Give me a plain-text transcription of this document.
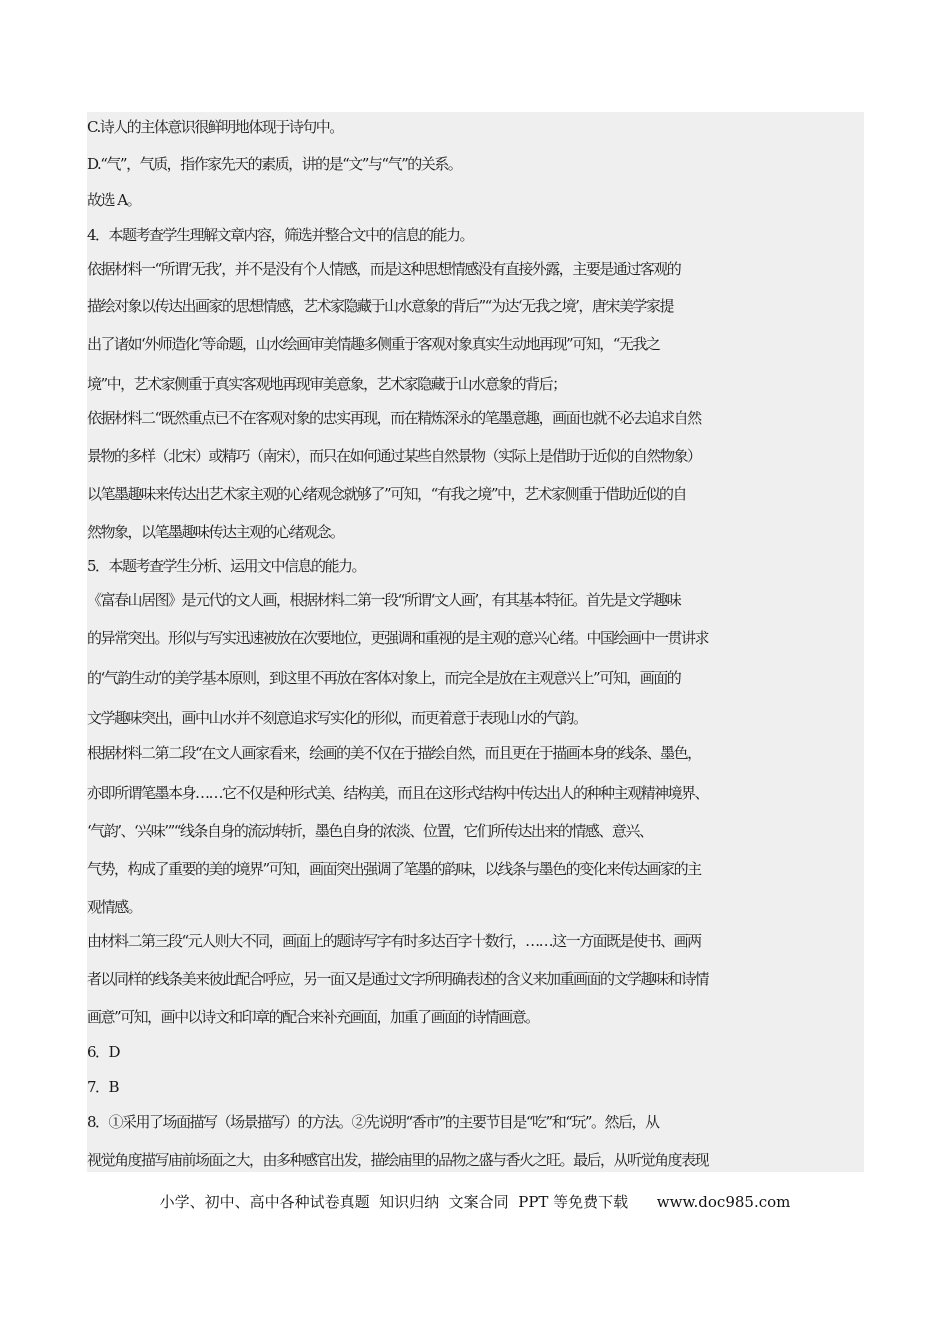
C.诗人的主体意识很鲜明地体现于诗句中。
D.“气”，气质，指作家先天的素质，讲的是“文”与“气”的关系。
故选 A。
4．本题考查学生理解文章内容，筛选并整合文中的信息的能力。
依据材料一“所谓‘无我’，并不是没有个人情感，而是这种思想情感没有直接外露，主要是通过客观的
描绘对象以传达出画家的思想情感，艺术家隐藏于山水意象的背后”“为达‘无我之境’，唐宋美学家提
出了诸如‘外师造化’等命题，山水绘画审美情趣多侧重于客观对象真实生动地再现”可知，“无我之
境”中，艺术家侧重于真实客观地再现审美意象，艺术家隐藏于山水意象的背后；
依据材料二“既然重点已不在客观对象的忠实再现，而在精炼深永的笔墨意趣，画面也就不必去追求自然
景物的多样（北宋）或精巧（南宋），而只在如何通过某些自然景物（实际上是借助于近似的自然物象）
以笔墨趣味来传达出艺术家主观的心绪观念就够了”可知，“有我之境”中，艺术家侧重于借助近似的自
然物象，以笔墨趣味传达主观的心绪观念。
5．本题考查学生分析、运用文中信息的能力。
《富春山居图》是元代的文人画，根据材料二第一段“所谓‘文人画’，有其基本特征。首先是文学趣味
的异常突出。形似与写实迅速被放在次要地位，更强调和重视的是主观的意兴心绪。中国绘画中一贯讲求
的‘气韵生动’的美学基本原则，到这里不再放在客体对象上，而完全是放在主观意兴上”可知，画面的
文学趣味突出，画中山水并不刻意追求写实化的形似，而更着意于表现山水的气韵。
根据材料二第二段“在文人画家看来，绘画的美不仅在于描绘自然，而且更在于描画本身的线条、墨色，
亦即所谓笔墨本身……它不仅是种形式美、结构美，而且在这形式结构中传达出人的种种主观精神境界、
‘气韵’、‘兴味’”“线条自身的流动转折，墨色自身的浓淡、位置，它们所传达出来的情感、意兴、
气势，构成了重要的美的境界”可知，画面突出强调了笔墨的韵味，以线条与墨色的变化来传达画家的主
观情感。
由材料二第三段“元人则大不同，画面上的题诗写字有时多达百字十数行，……这一方面既是使书、画两
者以同样的线条美来彼此配合呼应，另一面又是通过文字所明确表述的含义来加重画面的文学趣味和诗情
画意”可知，画中以诗文和印章的配合来补充画面，加重了画面的诗情画意。
6．D
7．B
8．①采用了场面描写（场景描写）的方法。②先说明“香市”的主要节目是“吃”和“玩”。然后，从
视觉角度描写庙前场面之大，由多种感官出发，描绘庙里的品物之盛与香火之旺。最后，从听觉角度表现
小学、初中、高中各种试卷真题  知识归纳  文案合同  PPT 等免费下载      www.doc985.com
